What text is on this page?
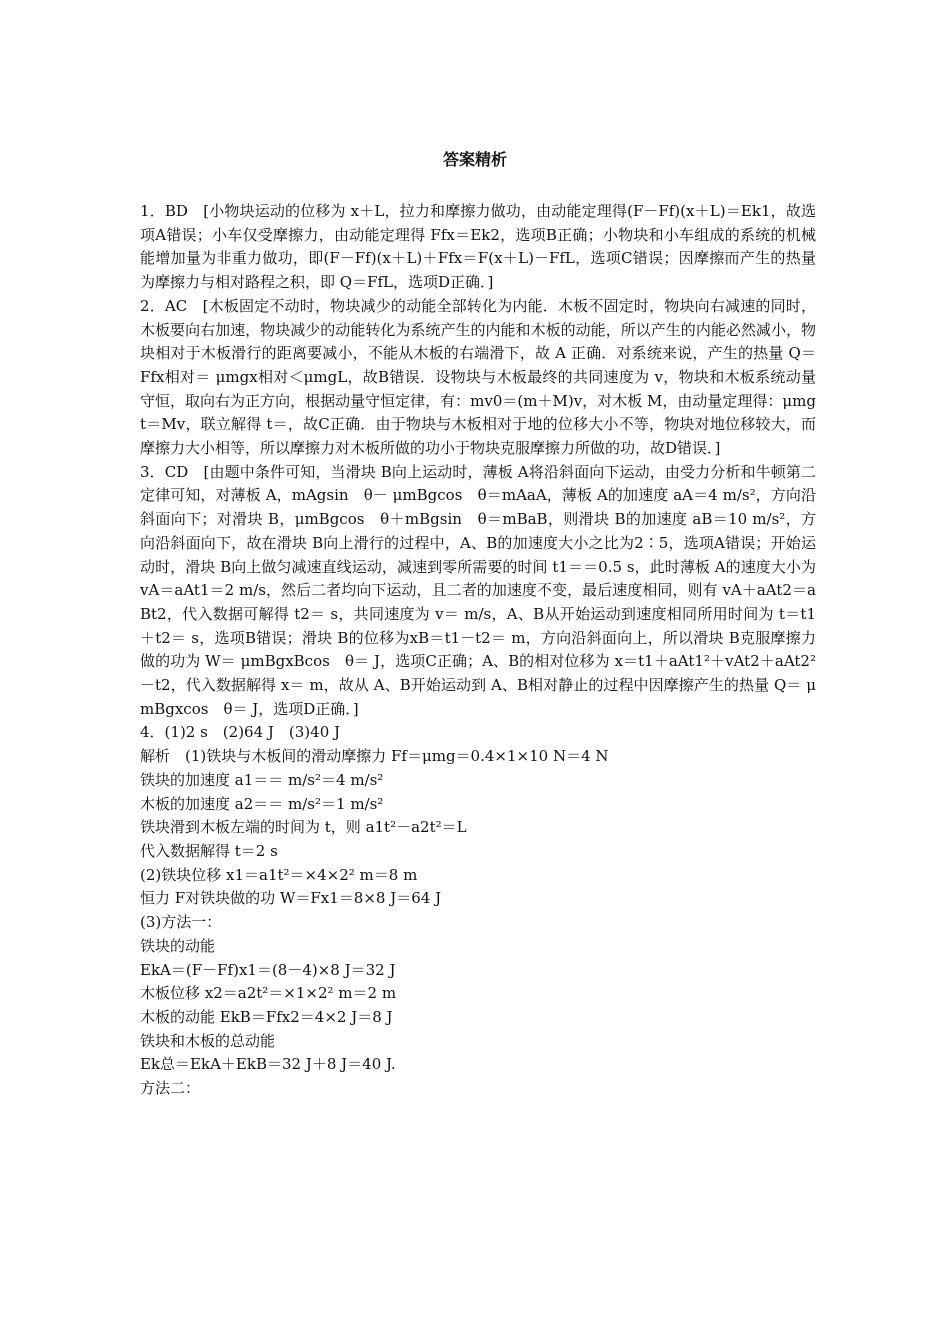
答案精析

1．BD　[小物块运动的位移为 x＋L，拉力和摩擦力做功，由动能定理得(F－Ff)(x＋L)＝Ek1，故选项A错误；小车仅受摩擦力，由动能定理得 Ffx＝Ek2，选项B正确；小物块和小车组成的系统的机械能增加量为非重力做功，即(F－Ff)(x＋L)＋Ffx＝F(x＋L)－FfL，选项C错误；因摩擦而产生的热量为摩擦力与相对路程之积，即 Q＝FfL，选项D正确．]

2．AC　[木板固定不动时，物块减少的动能全部转化为内能．木板不固定时，物块向右减速的同时，木板要向右加速，物块减少的动能转化为系统产生的内能和木板的动能，所以产生的内能必然减小，物块相对于木板滑行的距离要减小，不能从木板的右端滑下，故 A 正确．对系统来说，产生的热量 Q＝Ffx相对＝ μmgx相对＜μmgL，故B错误．设物块与木板最终的共同速度为 v，物块和木板系统动量守恒，取向右为正方向，根据动量守恒定律，有：mv0＝(m＋M)v，对木板 M，由动量定理得：μmgt＝Mv，联立解得 t＝，故C正确．由于物块与木板相对于地的位移大小不等，物块对地位移较大，而摩擦力大小相等，所以摩擦力对木板所做的功小于物块克服摩擦力所做的功，故D错误．]

3．CD　[由题中条件可知，当滑块 B向上运动时，薄板 A将沿斜面向下运动，由受力分析和牛顿第二定律可知，对薄板 A，mAgsin　θ－ μmBgcos　θ＝mAaA，薄板 A的加速度 aA＝4 m/s²，方向沿斜面向下；对滑块 B，μmBgcos　θ＋mBgsin　θ＝mBaB，则滑块 B的加速度 aB＝10 m/s²，方向沿斜面向下，故在滑块 B向上滑行的过程中，A、B的加速度大小之比为2∶5，选项A错误；开始运动时，滑块 B向上做匀减速直线运动，减速到零所需要的时间 t1＝＝0.5 s，此时薄板 A的速度大小为 vA＝aAt1＝2 m/s，然后二者均向下运动，且二者的加速度不变，最后速度相同，则有 vA＋aAt2＝aBt2，代入数据可解得 t2＝ s，共同速度为 v＝ m/s，A、B从开始运动到速度相同所用时间为 t＝t1＋t2＝ s，选项B错误；滑块 B的位移为xB＝t1－t2＝ m，方向沿斜面向上，所以滑块 B克服摩擦力做的功为 W＝ μmBgxBcos　θ＝ J，选项C正确；A、B的相对位移为 x＝t1＋aAt1²＋vAt2＋aAt2²－t2，代入数据解得 x＝ m，故从 A、B开始运动到 A、B相对静止的过程中因摩擦产生的热量 Q＝ μmBgxcos　θ＝ J，选项D正确．]

4．(1)2 s　(2)64 J　(3)40 J

解析　(1)铁块与木板间的滑动摩擦力 Ff＝μmg＝0.4×1×10 N＝4 N

铁块的加速度 a1＝＝ m/s²＝4 m/s²

木板的加速度 a2＝＝ m/s²＝1 m/s²

铁块滑到木板左端的时间为 t，则 a1t²－a2t²＝L

代入数据解得 t＝2 s

(2)铁块位移 x1＝a1t²＝×4×2² m＝8 m

恒力 F对铁块做的功 W＝Fx1＝8×8 J＝64 J

(3)方法一：

铁块的动能

EkA＝(F－Ff)x1＝(8－4)×8 J＝32 J

木板位移 x2＝a2t²＝×1×2² m＝2 m

木板的动能 EkB＝Ffx2＝4×2 J＝8 J

铁块和木板的总动能

Ek总＝EkA＋EkB＝32 J＋8 J＝40 J.

方法二：
